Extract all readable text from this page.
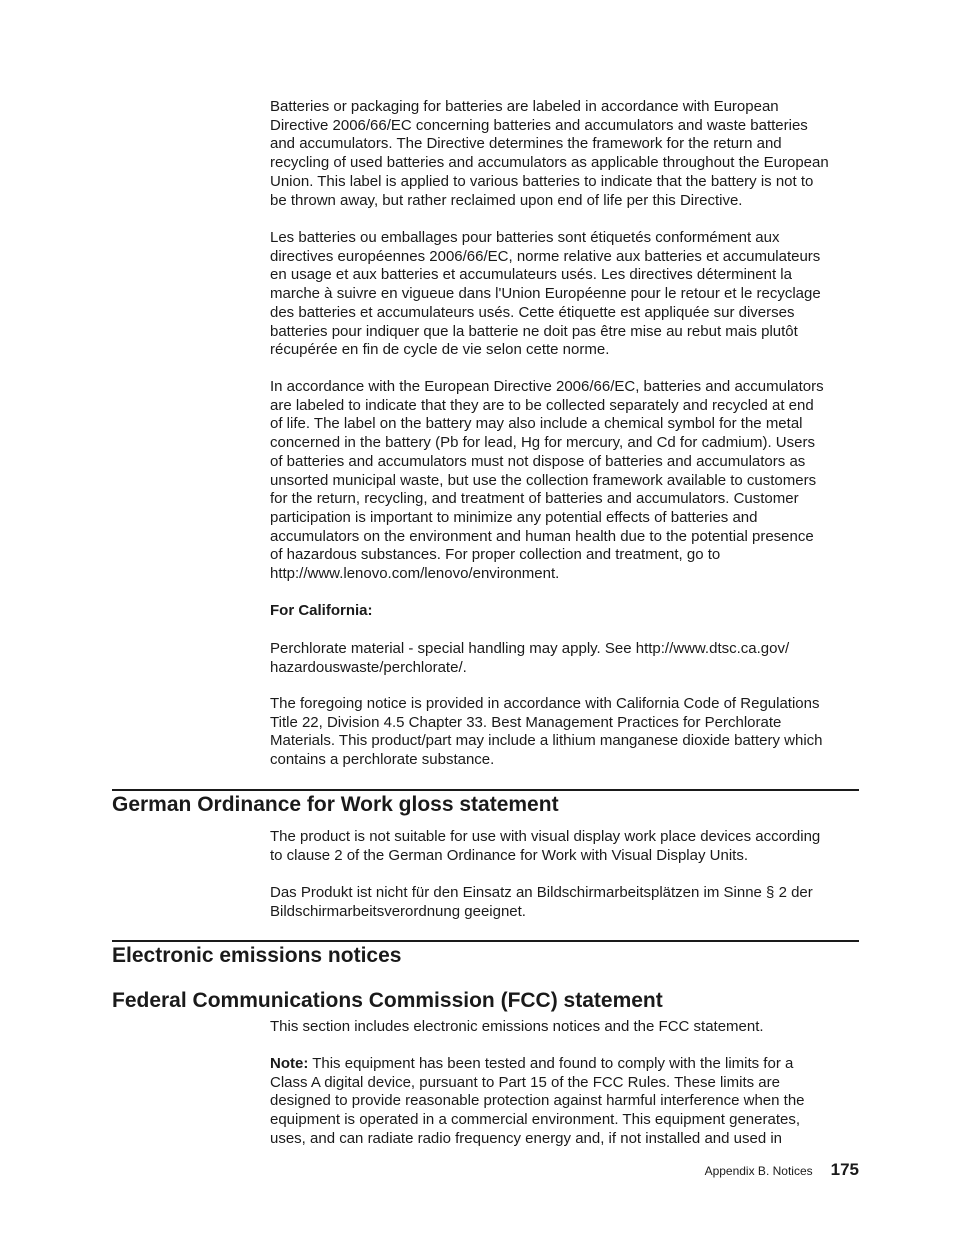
Batteries or packaging for batteries are labeled in accordance with European
Directive 2006/66/EC concerning batteries and accumulators and waste batteries
and accumulators. The Directive determines the framework for the return and
recycling of used batteries and accumulators as applicable throughout the European
Union. This label is applied to various batteries to indicate that the battery is not to
be thrown away, but rather reclaimed upon end of life per this Directive.

Les batteries ou emballages pour batteries sont étiquetés conformément aux
directives européennes 2006/66/EC, norme relative aux batteries et accumulateurs
en usage et aux batteries et accumulateurs usés. Les directives déterminent la
marche à suivre en vigueue dans l'Union Européenne pour le retour et le recyclage
des batteries et accumulateurs usés. Cette étiquette est appliquée sur diverses
batteries pour indiquer que la batterie ne doit pas être mise au rebut mais plutôt
récupérée en fin de cycle de vie selon cette norme.

In accordance with the European Directive 2006/66/EC, batteries and accumulators
are labeled to indicate that they are to be collected separately and recycled at end
of life. The label on the battery may also include a chemical symbol for the metal
concerned in the battery (Pb for lead, Hg for mercury, and Cd for cadmium). Users
of batteries and accumulators must not dispose of batteries and accumulators as
unsorted municipal waste, but use the collection framework available to customers
for the return, recycling, and treatment of batteries and accumulators. Customer
participation is important to minimize any potential effects of batteries and
accumulators on the environment and human health due to the potential presence
of hazardous substances. For proper collection and treatment, go to
http://www.lenovo.com/lenovo/environment.

For California:

Perchlorate material - special handling may apply. See http://www.dtsc.ca.gov/
hazardouswaste/perchlorate/.

The foregoing notice is provided in accordance with California Code of Regulations
Title 22, Division 4.5 Chapter 33. Best Management Practices for Perchlorate
Materials. This product/part may include a lithium manganese dioxide battery which
contains a perchlorate substance.

German Ordinance for Work gloss statement

The product is not suitable for use with visual display work place devices according
to clause 2 of the German Ordinance for Work with Visual Display Units.

Das Produkt ist nicht für den Einsatz an Bildschirmarbeitsplätzen im Sinne § 2 der
Bildschirmarbeitsverordnung geeignet.

Electronic emissions notices
Federal Communications Commission (FCC) statement

This section includes electronic emissions notices and the FCC statement.

Note: This equipment has been tested and found to comply with the limits for a
Class A digital device, pursuant to Part 15 of the FCC Rules. These limits are
designed to provide reasonable protection against harmful interference when the
equipment is operated in a commercial environment. This equipment generates,
uses, and can radiate radio frequency energy and, if not installed and used in

Appendix B. Notices 175
